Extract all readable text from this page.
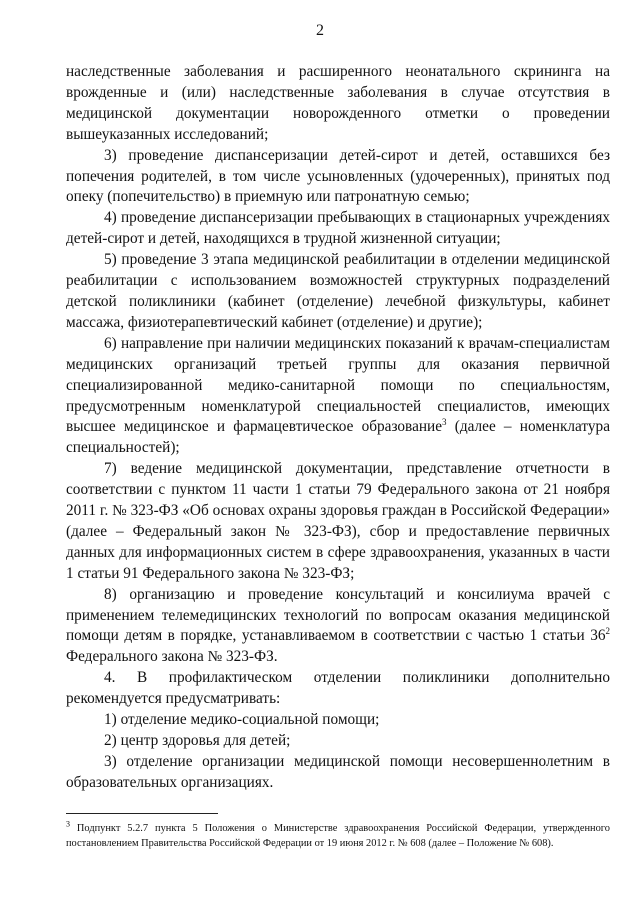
2

наследственные заболевания и расширенного неонатального скрининга на врожденные и (или) наследственные заболевания в случае отсутствия в медицинской документации новорожденного отметки о проведении вышеуказанных исследований;

3) проведение диспансеризации детей-сирот и детей, оставшихся без попечения родителей, в том числе усыновленных (удочеренных), принятых под опеку (попечительство) в приемную или патронатную семью;

4) проведение диспансеризации пребывающих в стационарных учреждениях детей-сирот и детей, находящихся в трудной жизненной ситуации;

5) проведение 3 этапа медицинской реабилитации в отделении медицинской реабилитации с использованием возможностей структурных подразделений детской поликлиники (кабинет (отделение) лечебной физкультуры, кабинет массажа, физиотерапевтический кабинет (отделение) и другие);

6) направление при наличии медицинских показаний к врачам-специалистам медицинских организаций третьей группы для оказания первичной специализированной медико-санитарной помощи по специальностям, предусмотренным номенклатурой специальностей специалистов, имеющих высшее медицинское и фармацевтическое образование$^3$ (далее – номенклатура специальностей);

7) ведение медицинской документации, представление отчетности в соответствии с пунктом 11 части 1 статьи 79 Федерального закона от 21 ноября 2011 г. № 323-ФЗ «Об основах охраны здоровья граждан в Российской Федерации» (далее – Федеральный закон № 323-ФЗ), сбор и предоставление первичных данных для информационных систем в сфере здравоохранения, указанных в части 1 статьи 91 Федерального закона № 323-ФЗ;

8) организацию и проведение консультаций и консилиума врачей с применением телемедицинских технологий по вопросам оказания медицинской помощи детям в порядке, устанавливаемом в соответствии с частью 1 статьи $36^2$ Федерального закона № 323-ФЗ.

4. В профилактическом отделении поликлиники дополнительно рекомендуется предусматривать:

1) отделение медико-социальной помощи;

2) центр здоровья для детей;

3) отделение организации медицинской помощи несовершеннолетним в образовательных организациях.

$^3$ Подпункт 5.2.7 пункта 5 Положения о Министерстве здравоохранения Российской Федерации, утвержденного постановлением Правительства Российской Федерации от 19 июня 2012 г. № 608 (далее – Положение № 608).
